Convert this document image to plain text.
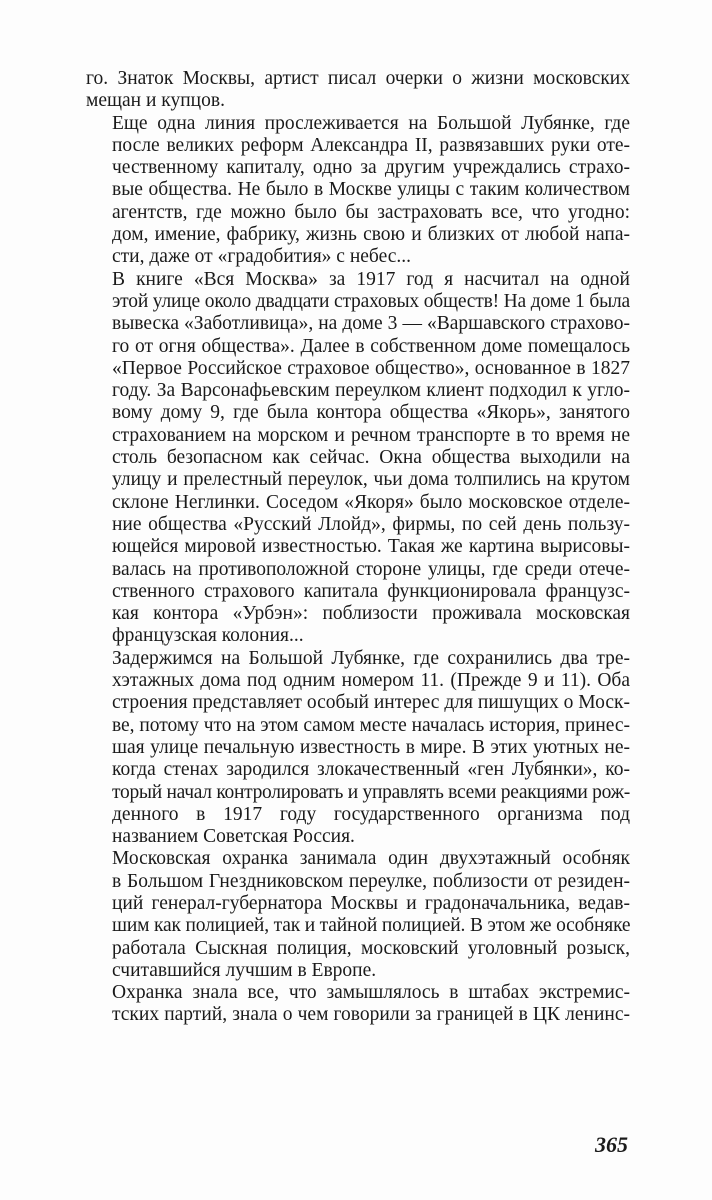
го. Знаток Москвы, артист писал очерки о жизни московских
мещан и купцов.

Еще одна линия прослеживается на Большой Лубянке, где
после великих реформ Александра II, развязавших руки оте-
чественному капиталу, одно за другим учреждались страхо-
вые общества. Не было в Москве улицы с таким количеством
агентств, где можно было бы застраховать все, что угодно:
дом, имение, фабрику, жизнь свою и близких от любой напа-
сти, даже от «градобития» с небес...

В книге «Вся Москва» за 1917 год я насчитал на одной
этой улице около двадцати страховых обществ! На доме 1 была
вывеска «Заботливица», на доме 3 — «Варшавского страхово-
го от огня общества». Далее в собственном доме помещалось
«Первое Российское страховое общество», основанное в 1827
году. За Варсонафьевским переулком клиент подходил к угло-
вому дому 9, где была контора общества «Якорь», занятого
страхованием на морском и речном транспорте в то время не
столь безопасном как сейчас. Окна общества выходили на
улицу и прелестный переулок, чьи дома толпились на крутом
склоне Неглинки. Соседом «Якоря» было московское отделе-
ние общества «Русский Ллойд», фирмы, по сей день пользу-
ющейся мировой известностью. Такая же картина вырисовы-
валась на противоположной стороне улицы, где среди отече-
ственного страхового капитала функционировала французс-
кая контора «Урбэн»: поблизости проживала московская
французская колония...

Задержимся на Большой Лубянке, где сохранились два тре-
хэтажных дома под одним номером 11. (Прежде 9 и 11). Оба
строения представляет особый интерес для пишущих о Моск-
ве, потому что на этом самом месте началась история, принес-
шая улице печальную известность в мире. В этих уютных не-
когда стенах зародился злокачественный «ген Лубянки», ко-
торый начал контролировать и управлять всеми реакциями рож-
денного в 1917 году государственного организма под
названием Советская Россия.

Московская охранка занимала один двухэтажный особняк
в Большом Гнездниковском переулке, поблизости от резиден-
ций генерал-губернатора Москвы и градоначальника, ведав-
шим как полицией, так и тайной полицией. В этом же особняке
работала Сыскная полиция, московский уголовный розыск,
считавшийся лучшим в Европе.

Охранка знала все, что замышлялось в штабах экстремис-
тских партий, знала о чем говорили за границей в ЦК ленинс-

365
